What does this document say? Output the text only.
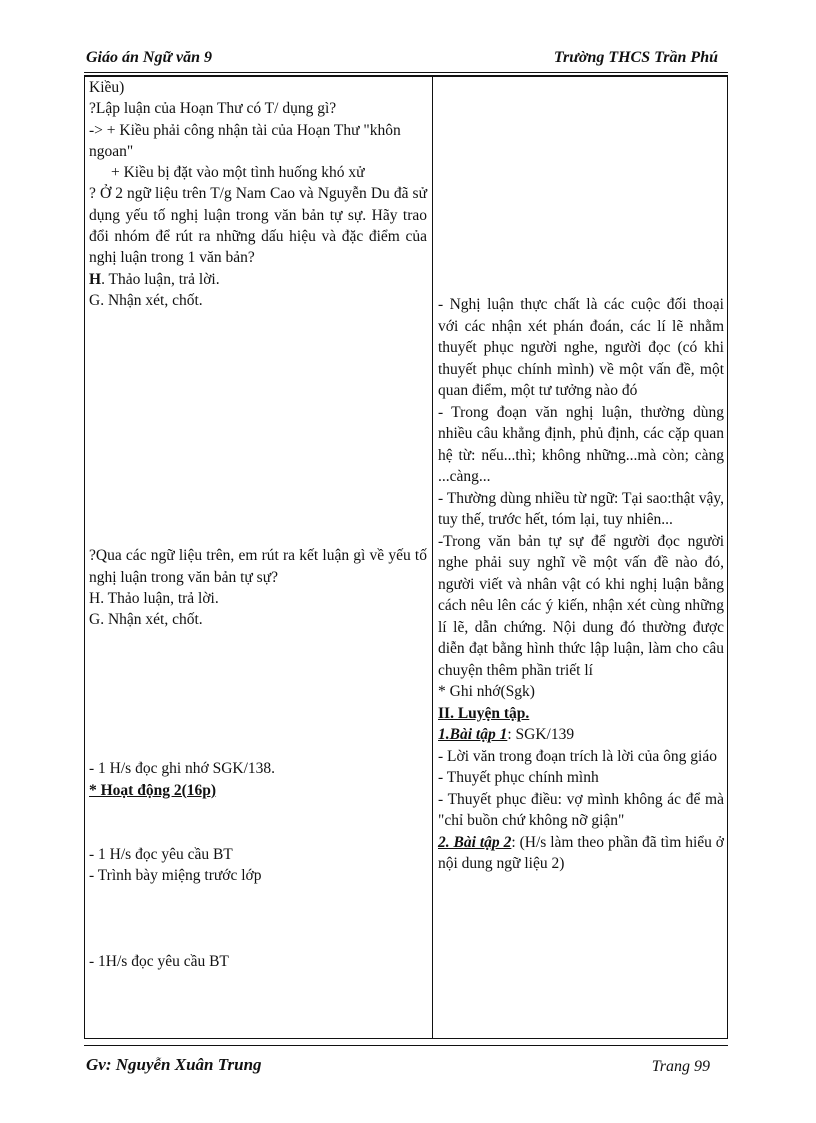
Giáo án Ngữ văn 9	Trường THCS Trần Phú

Kiều)

?Lập luận của Hoạn Thư có T/ dụng gì?

-> + Kiều phải công nhận tài của Hoạn Thư "khôn ngoan"

+ Kiều bị đặt vào một tình huống khó xử

? Ở 2 ngữ liệu trên T/g Nam Cao và Nguyễn Du đã sử dụng yếu tố nghị luận trong văn bản tự sự. Hãy trao đổi nhóm để rút ra những dấu hiệu và đặc điểm của nghị luận trong 1 văn bản?

H. Thảo luận, trả lời.

G. Nhận xét, chốt.

?Qua các ngữ liệu trên, em rút ra kết luận gì về yếu tố nghị luận trong văn bản tự sự?

H. Thảo luận, trả lời.

G. Nhận xét, chốt.

- 1 H/s đọc ghi nhớ SGK/138.

* Hoạt động 2(16p)

- 1 H/s đọc yêu cầu BT

- Trình bày miệng trước lớp

- 1H/s đọc yêu cầu BT

- Nghị luận thực chất là các cuộc đối thoại với các nhận xét phán đoán, các lí lẽ nhằm thuyết phục người nghe, người đọc (có khi thuyết phục chính mình) về một vấn đề, một quan điểm, một tư tưởng nào đó

- Trong đoạn văn nghị luận, thường dùng nhiều câu khẳng định, phủ định, các cặp quan hệ từ: nếu...thì; không những...mà còn; càng ...càng...

- Thường dùng nhiều từ ngữ: Tại sao:thật vậy, tuy thế, trước hết, tóm lại, tuy nhiên...

-Trong văn bản tự sự để người đọc người nghe phải suy nghĩ về một vấn đề nào đó, người viết và nhân vật có khi nghị luận bằng cách nêu lên các ý kiến, nhận xét cùng những lí lẽ, dẫn chứng. Nội dung đó thường được diễn đạt bằng hình thức lập luận, làm cho câu chuyện thêm phần triết lí

* Ghi nhớ(Sgk)

II. Luyện tập.

1.Bài tập 1: SGK/139

- Lời văn trong đoạn trích là lời của ông giáo

- Thuyết phục chính mình

- Thuyết phục điều: vợ mình không ác để mà "chỉ buồn chứ không nỡ giận"

2. Bài tập 2: (H/s làm theo phần đã tìm hiểu ở nội dung ngữ liệu 2)

Gv: Nguyễn Xuân Trung	Trang 99
